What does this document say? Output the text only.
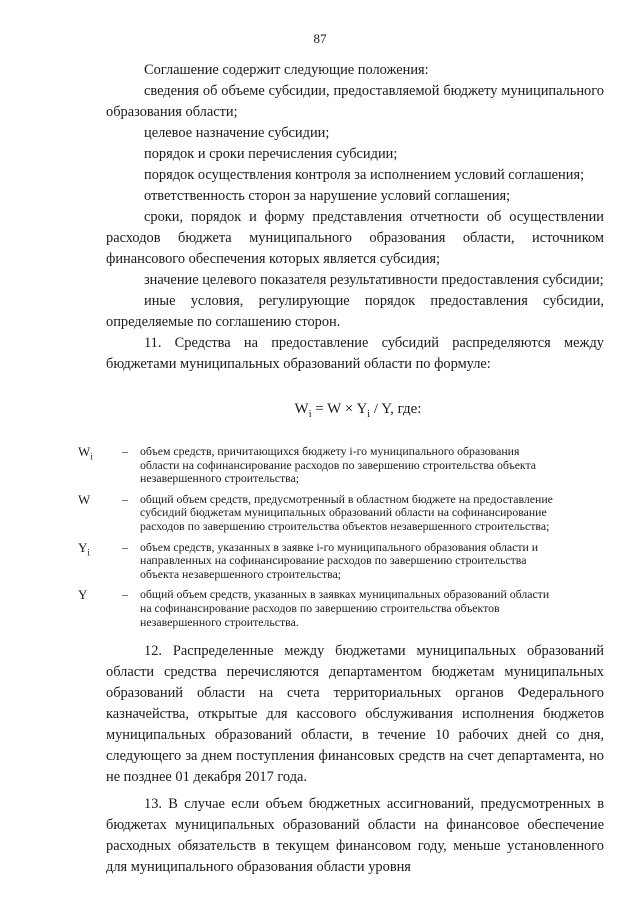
87

Соглашение содержит следующие положения:

сведения об объеме субсидии, предоставляемой бюджету муниципального образования области;

целевое назначение субсидии;

порядок и сроки перечисления субсидии;

порядок осуществления контроля за исполнением условий соглашения;

ответственность сторон за нарушение условий соглашения;

сроки, порядок и форму представления отчетности об осуществлении расходов бюджета муниципального образования области, источником финансового обеспечения которых является субсидия;

значение целевого показателя результативности предоставления субсидии;

иные условия, регулирующие порядок предоставления субсидии, определяемые по соглашению сторон.

11. Средства на предоставление субсидий распределяются между бюджетами муниципальных образований области по формуле:

$W_i = W \times Y_i / Y$, где:
$W_i$	–	объем средств, причитающихся бюджету i-го муниципального образования области на софинансирование расходов по завершению строительства объекта незавершенного строительства;
W	–	общий объем средств, предусмотренный в областном бюджете на предоставление субсидий бюджетам муниципальных образований области на софинансирование расходов по завершению строительства объектов незавершенного строительства;
$Y_i$	–	объем средств, указанных в заявке i-го муниципального образования области и направленных на софинансирование расходов по завершению строительства объекта незавершенного строительства;
Y	–	общий объем средств, указанных в заявках муниципальных образований области на софинансирование расходов по завершению строительства объектов незавершенного строительства.

12. Распределенные между бюджетами муниципальных образований области средства перечисляются департаментом бюджетам муниципальных образований области на счета территориальных органов Федерального казначейства, открытые для кассового обслуживания исполнения бюджетов муниципальных образований области, в течение 10 рабочих дней со дня, следующего за днем поступления финансовых средств на счет департамента, но не позднее 01 декабря 2017 года.

13. В случае если объем бюджетных ассигнований, предусмотренных в бюджетах муниципальных образований области на финансовое обеспечение расходных обязательств в текущем финансовом году, меньше установленного для муниципального образования области уровня
